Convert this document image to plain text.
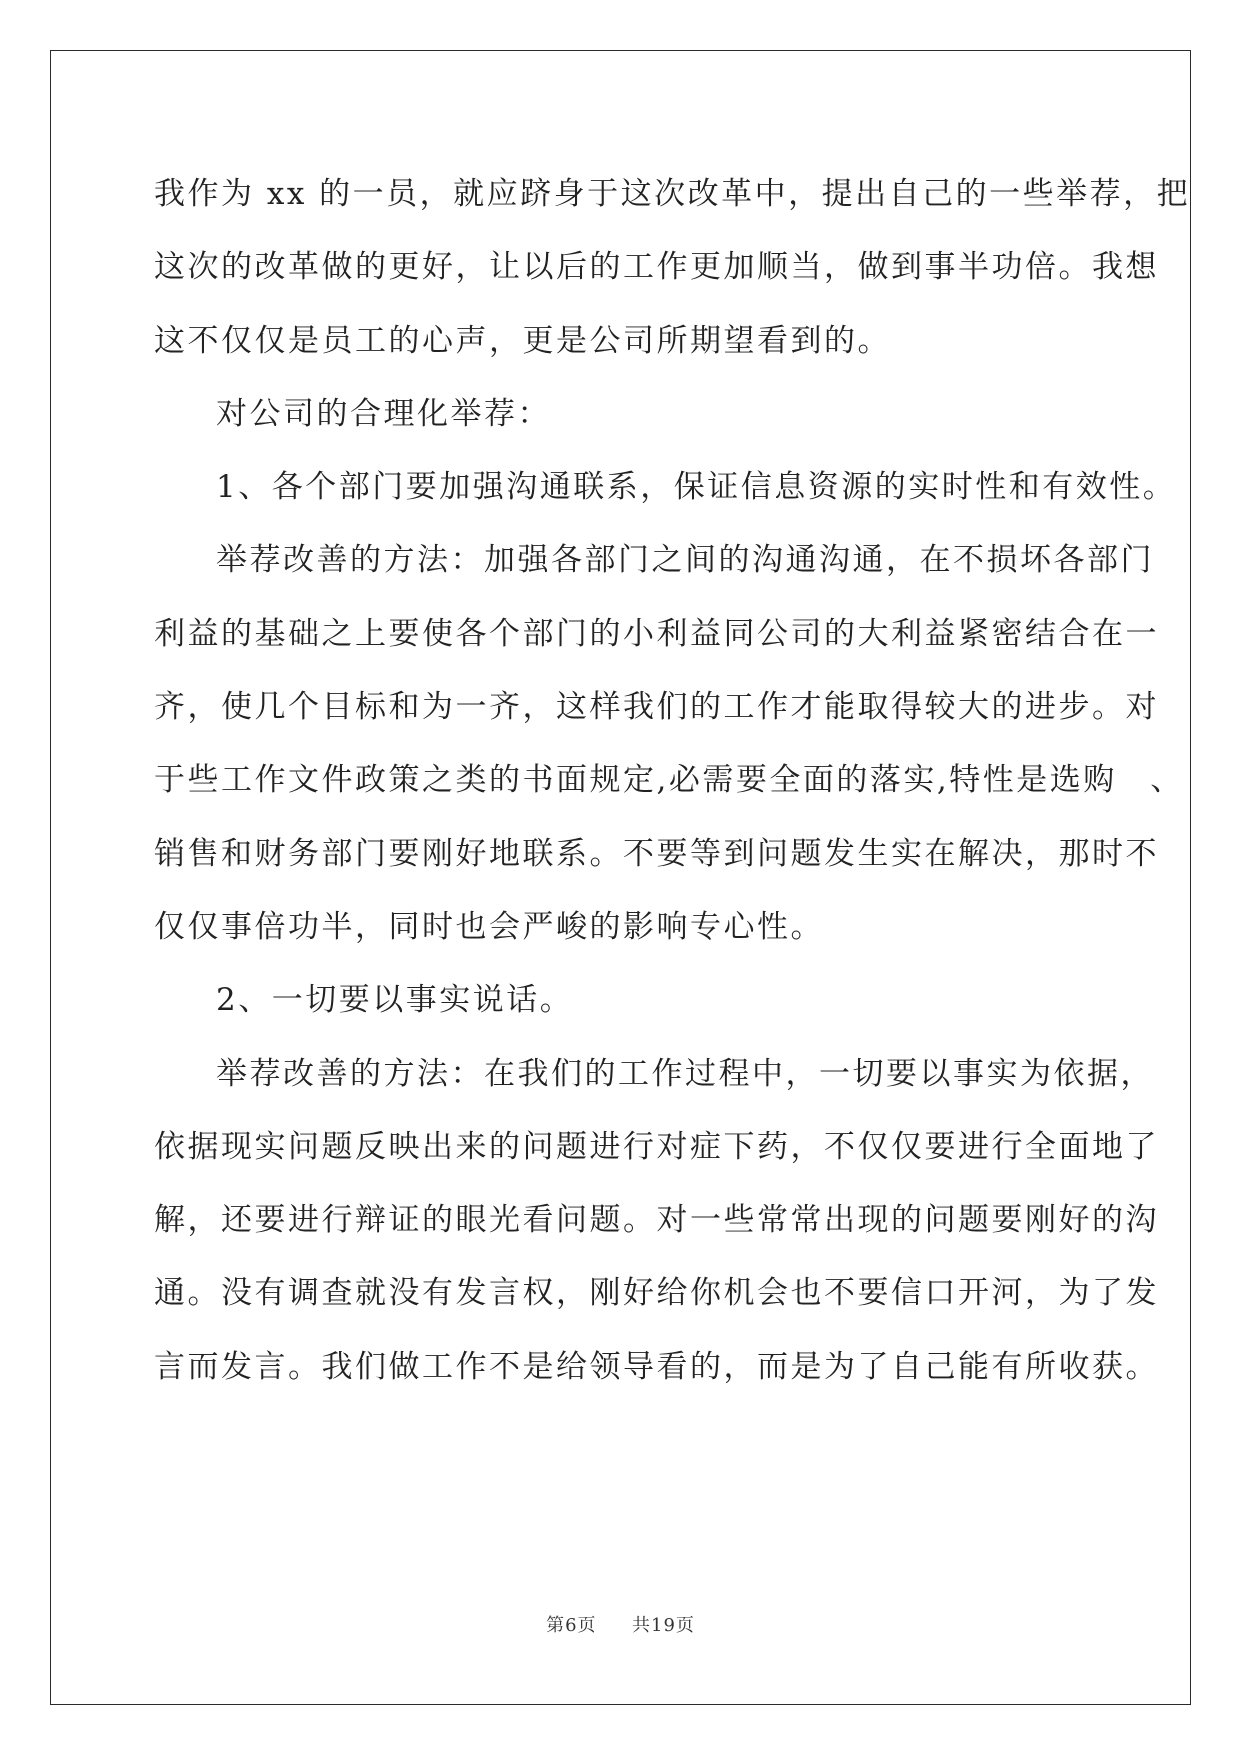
我作为 xx 的一员，就应跻身于这次改革中，提出自己的一些举荐，把
这次的改革做的更好，让以后的工作更加顺当，做到事半功倍。我想
这不仅仅是员工的心声，更是公司所期望看到的。
对公司的合理化举荐：
1、各个部门要加强沟通联系，保证信息资源的实时性和有效性。
举荐改善的方法：加强各部门之间的沟通沟通，在不损坏各部门
利益的基础之上要使各个部门的小利益同公司的大利益紧密结合在一
齐，使几个目标和为一齐，这样我们的工作才能取得较大的进步。对
于些工作文件政策之类的书面规定,必需要全面的落实,特性是选购　、
销售和财务部门要刚好地联系。不要等到问题发生实在解决，那时不
仅仅事倍功半，同时也会严峻的影响专心性。
2、一切要以事实说话。
举荐改善的方法：在我们的工作过程中，一切要以事实为依据，
依据现实问题反映出来的问题进行对症下药，不仅仅要进行全面地了
解，还要进行辩证的眼光看问题。对一些常常出现的问题要刚好的沟
通。没有调查就没有发言权，刚好给你机会也不要信口开河，为了发
言而发言。我们做工作不是给领导看的，而是为了自己能有所收获。
第6页 共19页
